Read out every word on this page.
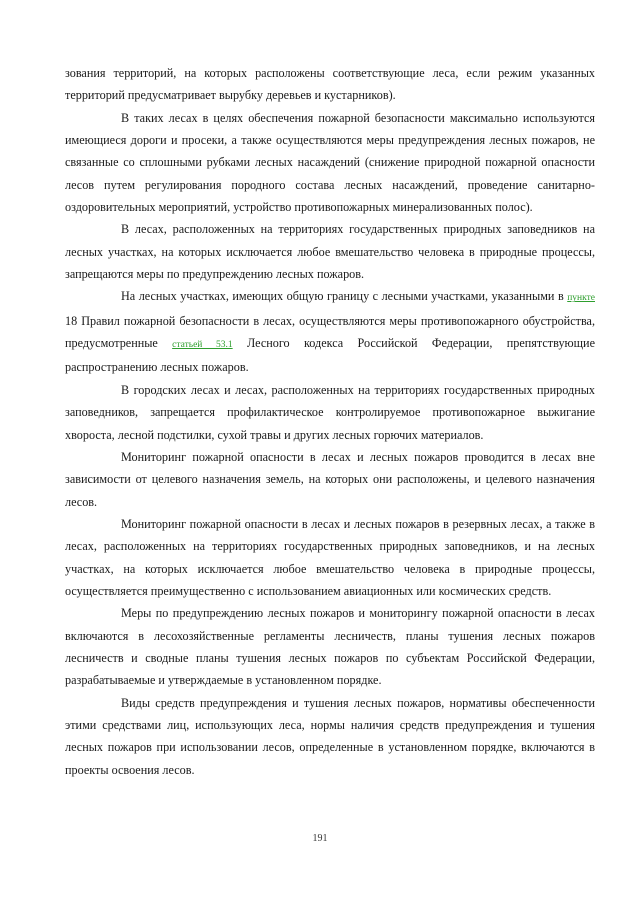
зования территорий, на которых расположены соответствующие леса, если режим указанных территорий предусматривает вырубку деревьев и кустарников).

В таких лесах в целях обеспечения пожарной безопасности максимально используются имеющиеся дороги и просеки, а также осуществляются меры предупреждения лесных пожаров, не связанные со сплошными рубками лесных насаждений (снижение природной пожарной опасности лесов путем регулирования породного состава лесных насаждений, проведение санитарно-оздоровительных мероприятий, устройство противопожарных минерализованных полос).

В лесах, расположенных на территориях государственных природных заповедников на лесных участках, на которых исключается любое вмешательство человека в природные процессы, запрещаются меры по предупреждению лесных пожаров.

На лесных участках, имеющих общую границу с лесными участками, указанными в пункте 18 Правил пожарной безопасности в лесах, осуществляются меры противопожарного обустройства, предусмотренные статьей 53.1 Лесного кодекса Российской Федерации, препятствующие распространению лесных пожаров.

В городских лесах и лесах, расположенных на территориях государственных природных заповедников, запрещается профилактическое контролируемое противопожарное выжигание хвороста, лесной подстилки, сухой травы и других лесных горючих материалов.

Мониторинг пожарной опасности в лесах и лесных пожаров проводится в лесах вне зависимости от целевого назначения земель, на которых они расположены, и целевого назначения лесов.

Мониторинг пожарной опасности в лесах и лесных пожаров в резервных лесах, а также в лесах, расположенных на территориях государственных природных заповедников, и на лесных участках, на которых исключается любое вмешательство человека в природные процессы, осуществляется преимущественно с использованием авиационных или космических средств.

Меры по предупреждению лесных пожаров и мониторингу пожарной опасности в лесах включаются в лесохозяйственные регламенты лесничеств, планы тушения лесных пожаров лесничеств и сводные планы тушения лесных пожаров по субъектам Российской Федерации, разрабатываемые и утверждаемые в установленном порядке.

Виды средств предупреждения и тушения лесных пожаров, нормативы обеспеченности этими средствами лиц, использующих леса, нормы наличия средств предупреждения и тушения лесных пожаров при использовании лесов, определенные в установленном порядке, включаются в проекты освоения лесов.

191
